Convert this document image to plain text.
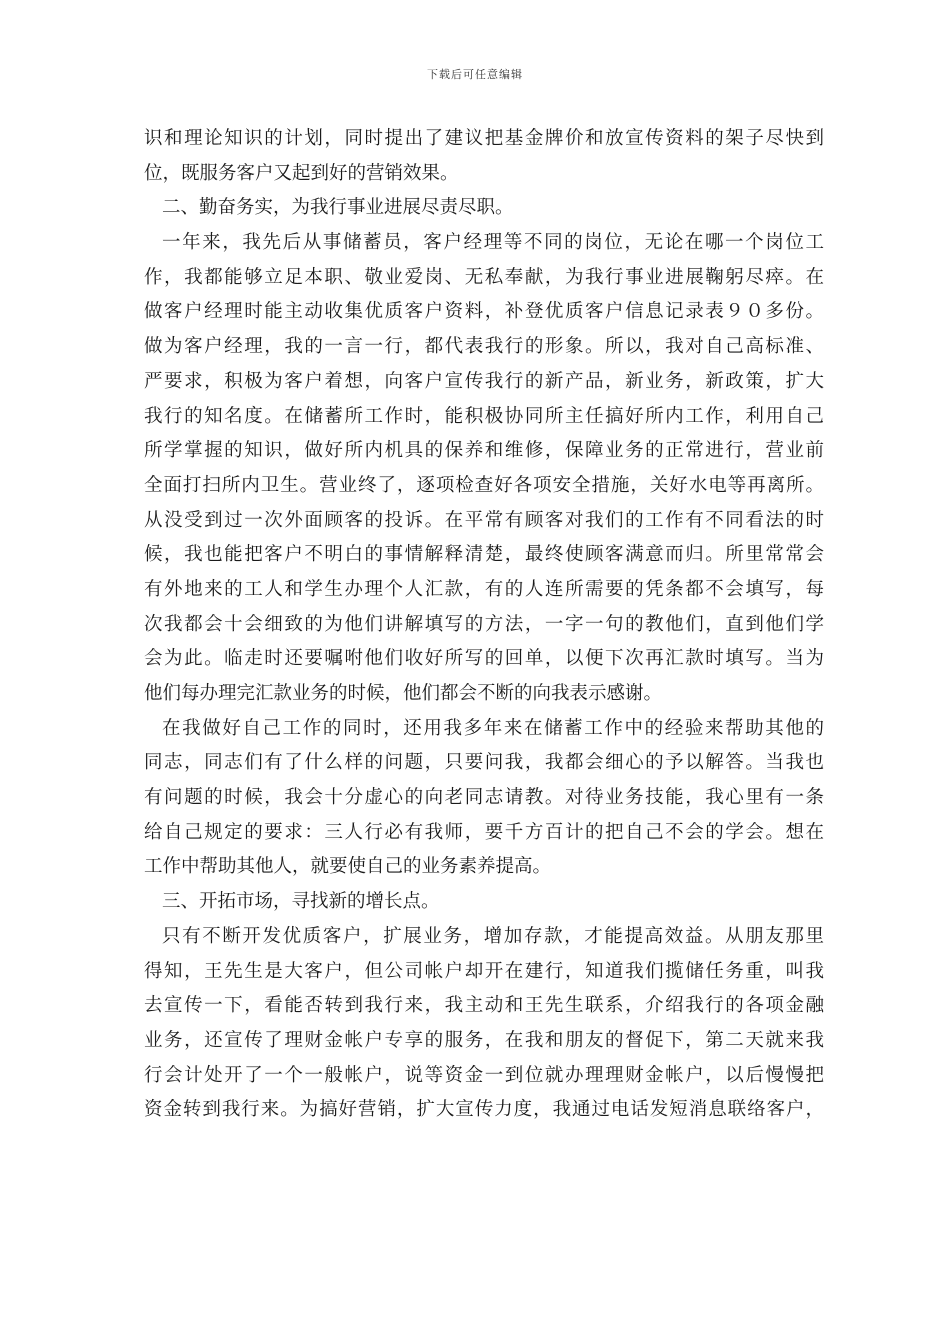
下载后可任意编辑
识和理论知识的计划，同时提出了建议把基金牌价和放宣传资料的架子尽快到
位，既服务客户又起到好的营销效果。
二、勤奋务实，为我行事业进展尽责尽职。
一年来，我先后从事储蓄员，客户经理等不同的岗位，无论在哪一个岗位工
作，我都能够立足本职、敬业爱岗、无私奉献，为我行事业进展鞠躬尽瘁。在
做客户经理时能主动收集优质客户资料，补登优质客户信息记录表９０多份。
做为客户经理，我的一言一行，都代表我行的形象。所以，我对自己高标准、
严要求，积极为客户着想，向客户宣传我行的新产品，新业务，新政策，扩大
我行的知名度。在储蓄所工作时，能积极协同所主任搞好所内工作，利用自己
所学掌握的知识，做好所内机具的保养和维修，保障业务的正常进行，营业前
全面打扫所内卫生。营业终了，逐项检查好各项安全措施，关好水电等再离所。
从没受到过一次外面顾客的投诉。在平常有顾客对我们的工作有不同看法的时
候，我也能把客户不明白的事情解释清楚，最终使顾客满意而归。所里常常会
有外地来的工人和学生办理个人汇款，有的人连所需要的凭条都不会填写，每
次我都会十会细致的为他们讲解填写的方法，一字一句的教他们，直到他们学
会为此。临走时还要嘱咐他们收好所写的回单，以便下次再汇款时填写。当为
他们每办理完汇款业务的时候，他们都会不断的向我表示感谢。
在我做好自己工作的同时，还用我多年来在储蓄工作中的经验来帮助其他的
同志，同志们有了什么样的问题，只要问我，我都会细心的予以解答。当我也
有问题的时候，我会十分虚心的向老同志请教。对待业务技能，我心里有一条
给自己规定的要求：三人行必有我师，要千方百计的把自己不会的学会。想在
工作中帮助其他人，就要使自己的业务素养提高。
三、开拓市场，寻找新的增长点。
只有不断开发优质客户，扩展业务，增加存款，才能提高效益。从朋友那里
得知，王先生是大客户，但公司帐户却开在建行，知道我们揽储任务重，叫我
去宣传一下，看能否转到我行来，我主动和王先生联系，介绍我行的各项金融
业务，还宣传了理财金帐户专享的服务，在我和朋友的督促下，第二天就来我
行会计处开了一个一般帐户，说等资金一到位就办理理财金帐户，以后慢慢把
资金转到我行来。为搞好营销，扩大宣传力度，我通过电话发短消息联络客户，
